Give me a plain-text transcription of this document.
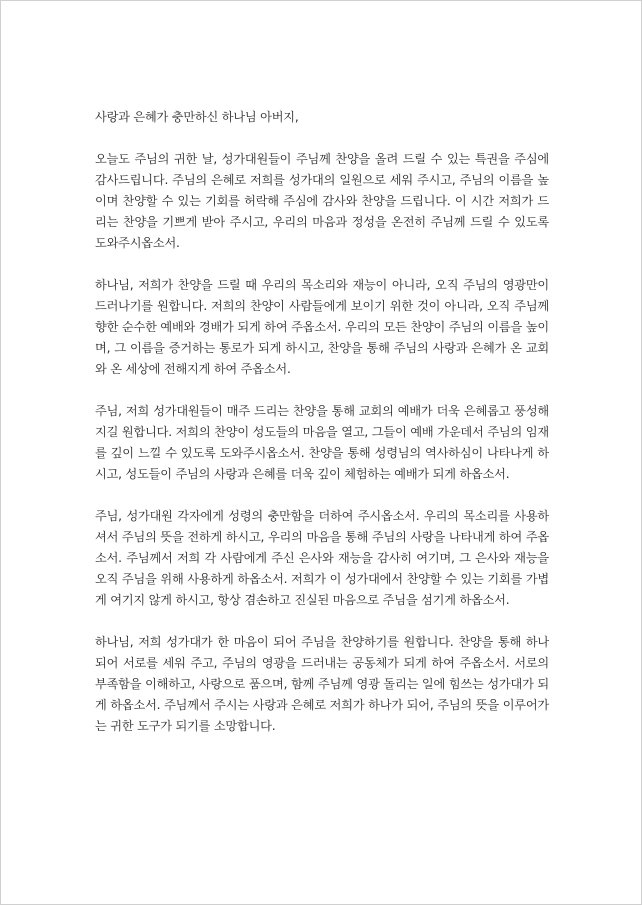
사랑과 은혜가 충만하신 하나님 아버지,

오늘도 주님의 귀한 날, 성가대원들이 주님께 찬양을 올려 드릴 수 있는 특권을 주심에 감사드립니다. 주님의 은혜로 저희를 성가대의 일원으로 세워 주시고, 주님의 이름을 높이며 찬양할 수 있는 기회를 허락해 주심에 감사와 찬양을 드립니다. 이 시간 저희가 드리는 찬양을 기쁘게 받아 주시고, 우리의 마음과 정성을 온전히 주님께 드릴 수 있도록 도와주시옵소서.

하나님, 저희가 찬양을 드릴 때 우리의 목소리와 재능이 아니라, 오직 주님의 영광만이 드러나기를 원합니다. 저희의 찬양이 사람들에게 보이기 위한 것이 아니라, 오직 주님께 향한 순수한 예배와 경배가 되게 하여 주옵소서. 우리의 모든 찬양이 주님의 이름을 높이며, 그 이름을 증거하는 통로가 되게 하시고, 찬양을 통해 주님의 사랑과 은혜가 온 교회와 온 세상에 전해지게 하여 주옵소서.

주님, 저희 성가대원들이 매주 드리는 찬양을 통해 교회의 예배가 더욱 은혜롭고 풍성해지길 원합니다. 저희의 찬양이 성도들의 마음을 열고, 그들이 예배 가운데서 주님의 임재를 깊이 느낄 수 있도록 도와주시옵소서. 찬양을 통해 성령님의 역사하심이 나타나게 하시고, 성도들이 주님의 사랑과 은혜를 더욱 깊이 체험하는 예배가 되게 하옵소서.

주님, 성가대원 각자에게 성령의 충만함을 더하여 주시옵소서. 우리의 목소리를 사용하셔서 주님의 뜻을 전하게 하시고, 우리의 마음을 통해 주님의 사랑을 나타내게 하여 주옵소서. 주님께서 저희 각 사람에게 주신 은사와 재능을 감사히 여기며, 그 은사와 재능을 오직 주님을 위해 사용하게 하옵소서. 저희가 이 성가대에서 찬양할 수 있는 기회를 가볍게 여기지 않게 하시고, 항상 겸손하고 진실된 마음으로 주님을 섬기게 하옵소서.

하나님, 저희 성가대가 한 마음이 되어 주님을 찬양하기를 원합니다. 찬양을 통해 하나 되어 서로를 세워 주고, 주님의 영광을 드러내는 공동체가 되게 하여 주옵소서. 서로의 부족함을 이해하고, 사랑으로 품으며, 함께 주님께 영광 돌리는 일에 힘쓰는 성가대가 되게 하옵소서. 주님께서 주시는 사랑과 은혜로 저희가 하나가 되어, 주님의 뜻을 이루어가는 귀한 도구가 되기를 소망합니다.
